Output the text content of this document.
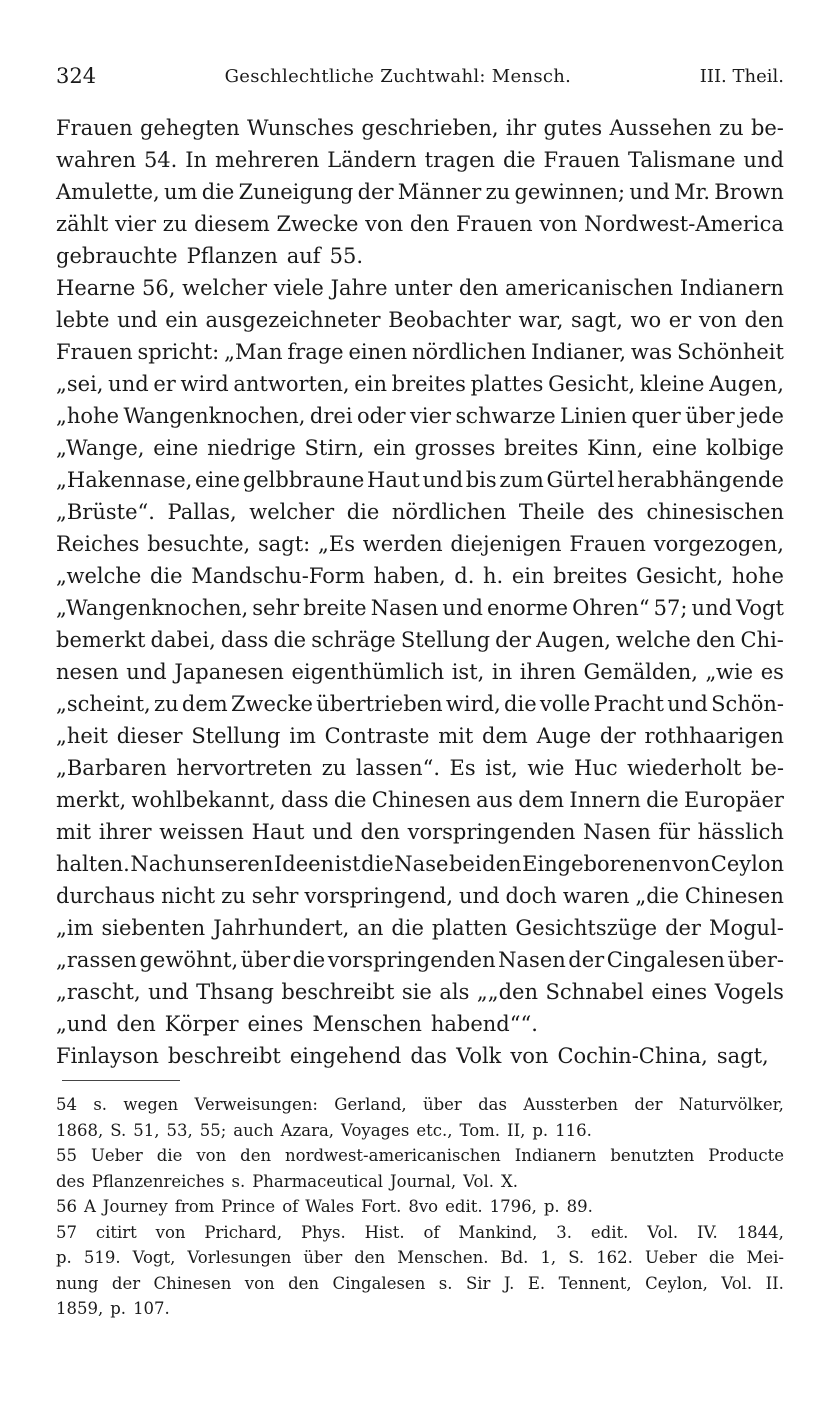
324	Geschlechtliche Zuchtwahl: Mensch.	III. Theil.
Frauen gehegten Wunsches geschrieben, ihr gutes Aussehen zu be-
wahren 54. In mehreren Ländern tragen die Frauen Talismane und
Amulette, um die Zuneigung der Männer zu gewinnen; und Mr. Brown
zählt vier zu diesem Zwecke von den Frauen von Nordwest-America
gebrauchte Pflanzen auf 55.
Hearne 56, welcher viele Jahre unter den americanischen Indianern
lebte und ein ausgezeichneter Beobachter war, sagt, wo er von den
Frauen spricht: „Man frage einen nördlichen Indianer, was Schönheit
„sei, und er wird antworten, ein breites plattes Gesicht, kleine Augen,
„hohe Wangenknochen, drei oder vier schwarze Linien quer über jede
„Wange, eine niedrige Stirn, ein grosses breites Kinn, eine kolbige
„Hakennase, eine gelbbraune Haut und bis zum Gürtel herabhängende
„Brüste“. Pallas, welcher die nördlichen Theile des chinesischen
Reiches besuchte, sagt: „Es werden diejenigen Frauen vorgezogen,
„welche die Mandschu-Form haben, d. h. ein breites Gesicht, hohe
„Wangenknochen, sehr breite Nasen und enorme Ohren“ 57; und Vogt
bemerkt dabei, dass die schräge Stellung der Augen, welche den Chi-
nesen und Japanesen eigenthümlich ist, in ihren Gemälden, „wie es
„scheint, zu dem Zwecke übertrieben wird, die volle Pracht und Schön-
„heit dieser Stellung im Contraste mit dem Auge der rothhaarigen
„Barbaren hervortreten zu lassen“. Es ist, wie Huc wiederholt be-
merkt, wohlbekannt, dass die Chinesen aus dem Innern die Europäer
mit ihrer weissen Haut und den vorspringenden Nasen für hässlich
halten. Nach unseren Ideen ist die Nase bei den Eingeborenen von Ceylon
durchaus nicht zu sehr vorspringend, und doch waren „die Chinesen
„im siebenten Jahrhundert, an die platten Gesichtszüge der Mogul-
„rassen gewöhnt, über die vorspringenden Nasen der Cingalesen über-
„rascht, und Thsang beschreibt sie als „„den Schnabel eines Vogels
„und den Körper eines Menschen habend““.
Finlayson beschreibt eingehend das Volk von Cochin-China, sagt,
54 s. wegen Verweisungen: Gerland, über das Aussterben der Naturvölker,
1868, S. 51, 53, 55; auch Azara, Voyages etc., Tom. II, p. 116.
55 Ueber die von den nordwest-americanischen Indianern benutzten Producte
des Pflanzenreiches s. Pharmaceutical Journal, Vol. X.
56 A Journey from Prince of Wales Fort. 8vo edit. 1796, p. 89.
57 citirt von Prichard, Phys. Hist. of Mankind, 3. edit. Vol. IV. 1844,
p. 519. Vogt, Vorlesungen über den Menschen. Bd. 1, S. 162. Ueber die Mei-
nung der Chinesen von den Cingalesen s. Sir J. E. Tennent, Ceylon, Vol. II.
1859, p. 107.
